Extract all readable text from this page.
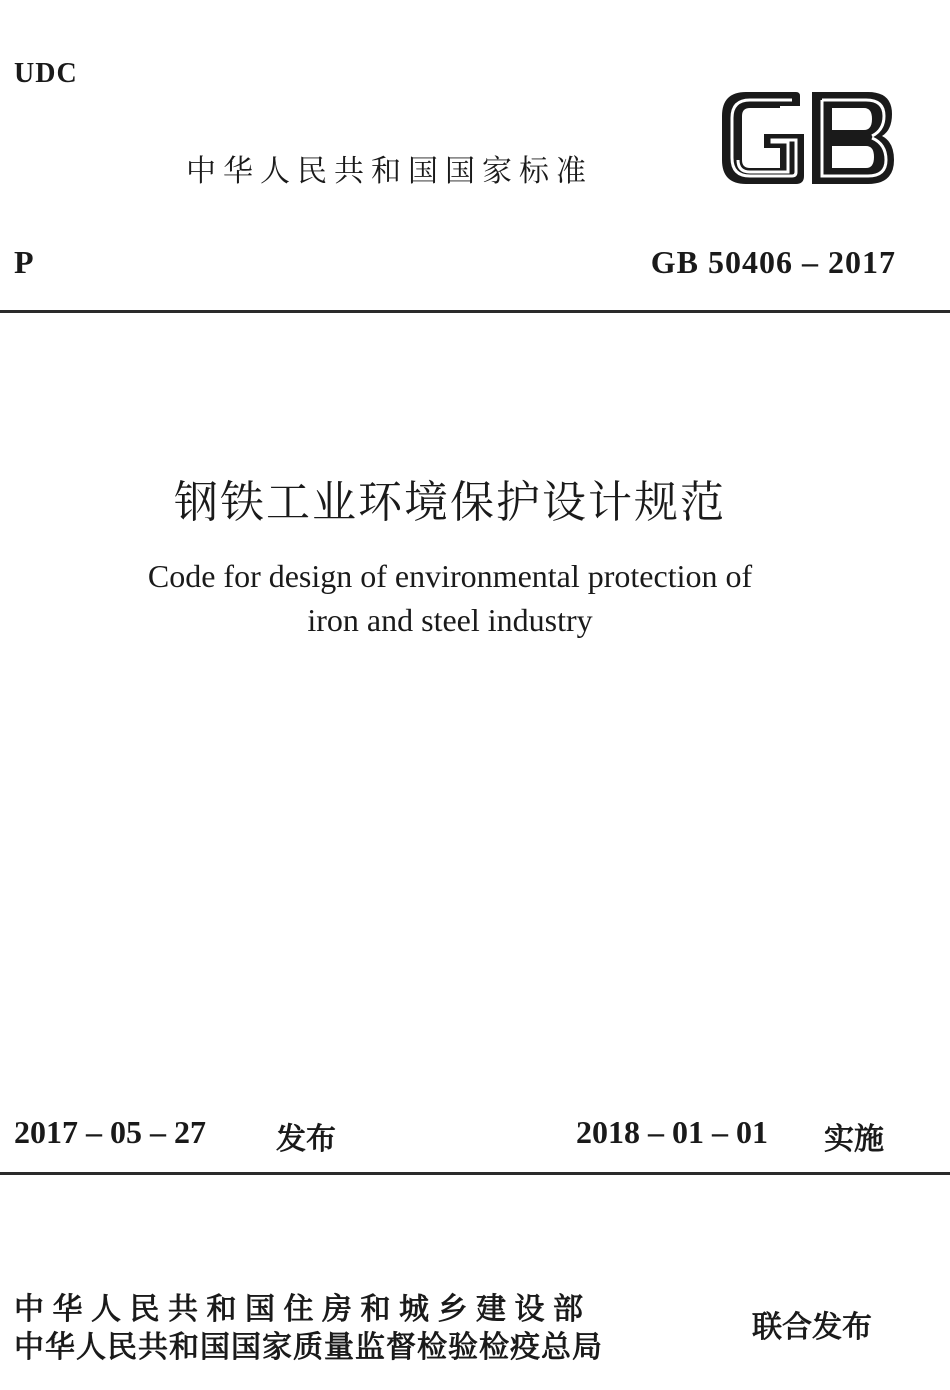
UDC
中华人民共和国国家标准
P	GB 50406 – 2017
钢铁工业环境保护设计规范
Code for design of environmental protection of
iron and steel industry
2017 – 05 – 27 发布	2018 – 01 – 01 实施
中华人民共和国住房和城乡建设部
中华人民共和国国家质量监督检验检疫总局
联合发布
